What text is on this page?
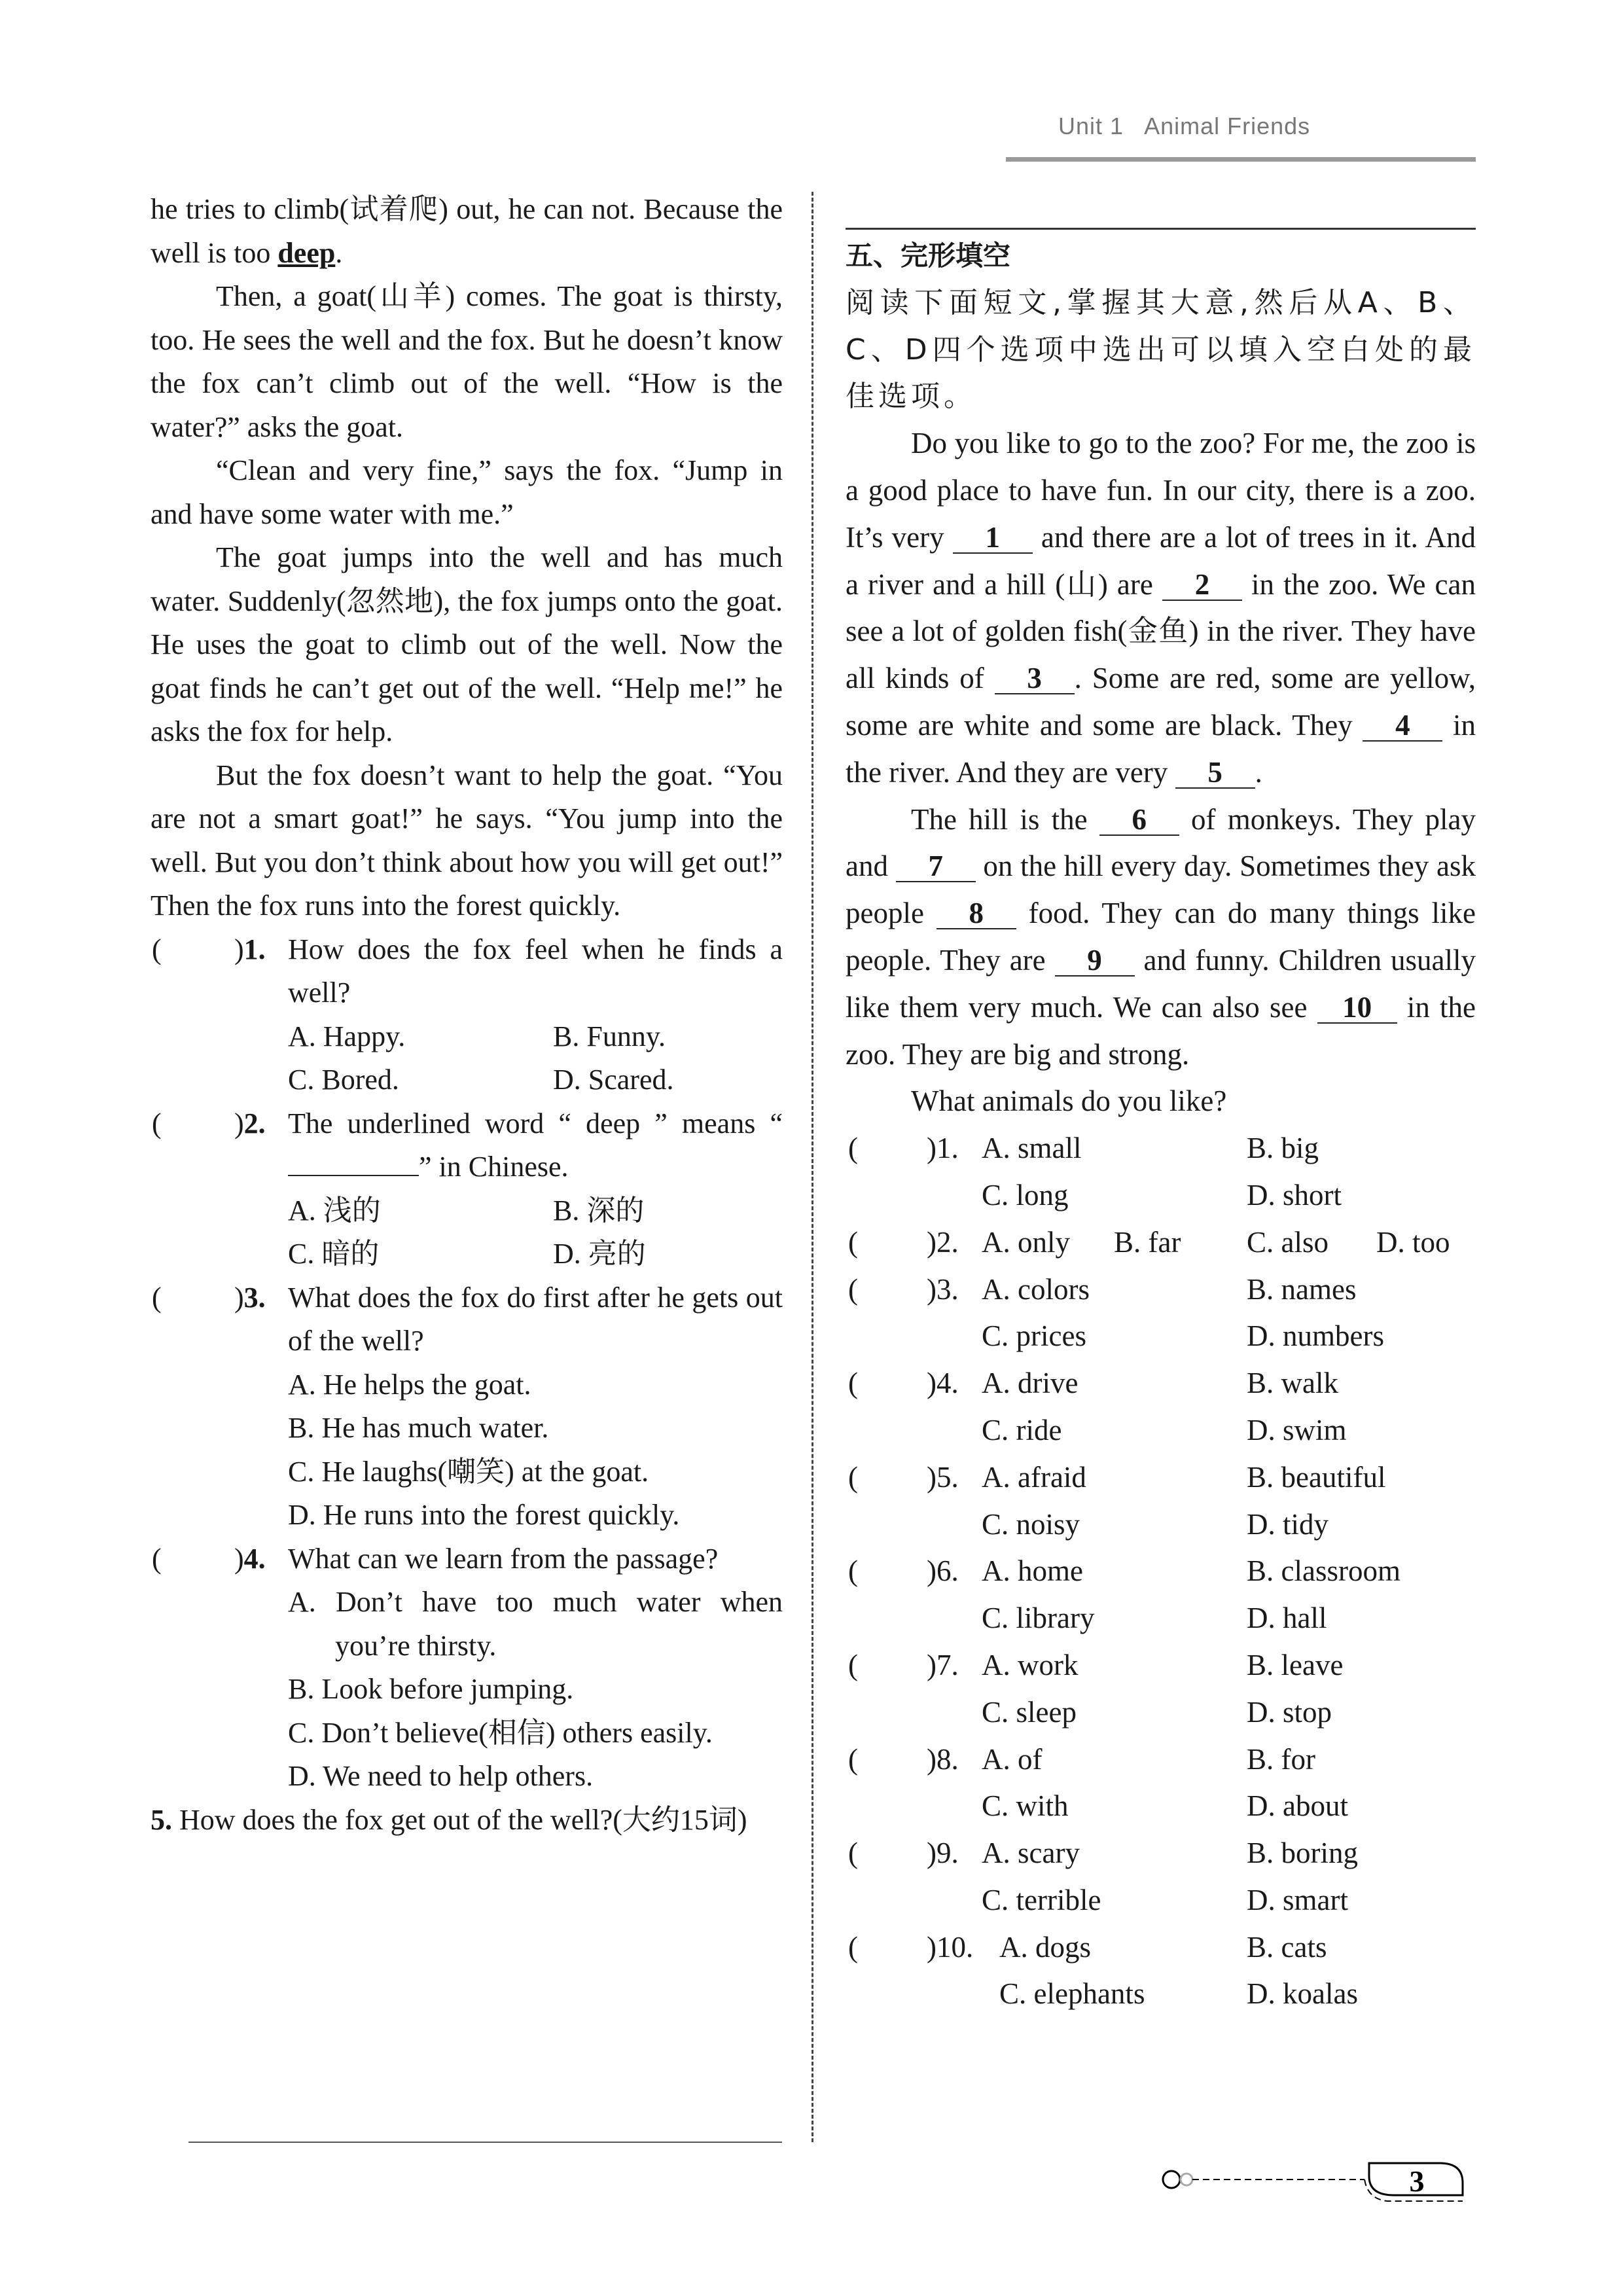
Unit 1 Animal Friends

he tries to climb(试着爬) out, he can not. Because the well is too deep.

Then, a goat(山羊) comes. The goat is thirsty, too. He sees the well and the fox. But he doesn’t know the fox can’t climb out of the well. “How is the water?” asks the goat.

“Clean and very fine,” says the fox. “Jump in and have some water with me.”

The goat jumps into the well and has much water. Suddenly(忽然地), the fox jumps onto the goat. He uses the goat to climb out of the well. Now the goat finds he can’t get out of the well. “Help me!” he asks the fox for help.

But the fox doesn’t want to help the goat. “You are not a smart goat!” he says. “You jump into the well. But you don’t think about how you will get out!” Then the fox runs into the forest quickly.

(	)1. How does the fox feel when he finds a well?
A. Happy.	B. Funny.
C. Bored.	D. Scared.
(	)2. The underlined word “ deep ” means “” in Chinese.
A. 浅的	B. 深的
C. 暗的	D. 亮的
(	)3. What does the fox do first after he gets out of the well?
A. He helps the goat.
B. He has much water.
C. He laughs(嘲笑) at the goat.
D. He runs into the forest quickly.
(	)4. What can we learn from the passage?
A. Don’t have too much water when you’re thirsty.
B. Look before jumping.
C. Don’t believe(相信) others easily.
D. We need to help others.
5. How does the fox get out of the well?(大约15词)
五、完形填空
阅读下面短文,掌握其大意,然后从A、B、C、D四个选项中选出可以填入空白处的最佳选项。

Do you like to go to the zoo? For me, the zoo is a good place to have fun. In our city, there is a zoo. It’s very 1 and there are a lot of trees in it. And a river and a hill (山) are 2 in the zoo. We can see a lot of golden fish(金鱼) in the river. They have all kinds of 3 . Some are red, some are yellow, some are white and some are black. They 4 in the river. And they are very 5 .

The hill is the 6 of monkeys. They play and 7 on the hill every day. Sometimes they ask people 8 food. They can do many things like people. They are 9 and funny. Children usually like them very much. We can also see 10 in the zoo. They are big and strong.

What animals do you like?

( )1. A. small	B. big
C. long	D. short
( )2. A. only B. far C. also D. too
( )3. A. colors	B. names
C. prices	D. numbers
( )4. A. drive	B. walk
C. ride	D. swim
( )5. A. afraid	B. beautiful
C. noisy	D. tidy
( )6. A. home	B. classroom
C. library	D. hall
( )7. A. work	B. leave
C. sleep	D. stop
( )8. A. of	B. for
C. with	D. about
( )9. A. scary	B. boring
C. terrible	D. smart
( )10. A. dogs	B. cats
C. elephants	D. koalas
3
